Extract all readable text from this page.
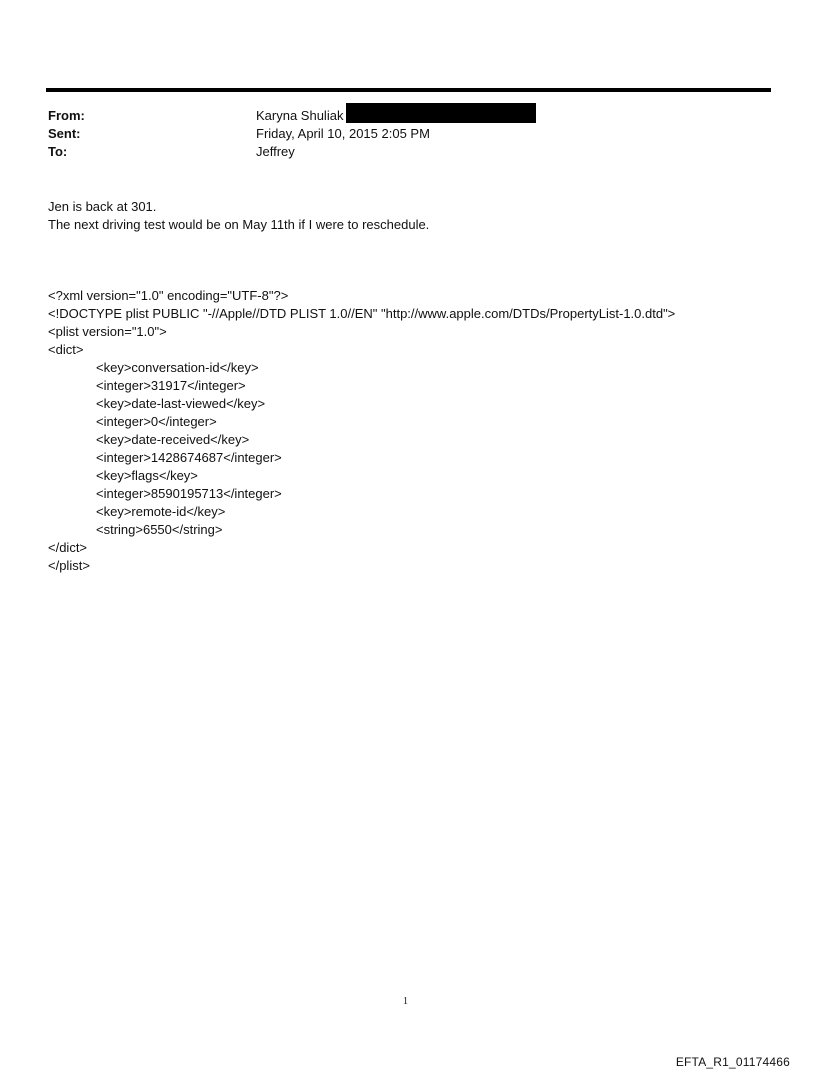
From:	Karyna Shuliak
Sent:	Friday, April 10, 2015 2:05 PM
To:	Jeffrey
Jen is back at 301.
The next driving test would be on May 11th if I were to reschedule.
<?xml version="1.0" encoding="UTF-8"?>
<!DOCTYPE plist PUBLIC "-//Apple//DTD PLIST 1.0//EN" "http://www.apple.com/DTDs/PropertyList-1.0.dtd">
<plist version="1.0">
<dict>
<key>conversation-id</key>
<integer>31917</integer>
<key>date-last-viewed</key>
<integer>0</integer>
<key>date-received</key>
<integer>1428674687</integer>
<key>flags</key>
<integer>8590195713</integer>
<key>remote-id</key>
<string>6550</string>
</dict>
</plist>
1
EFTA_R1_01174466
